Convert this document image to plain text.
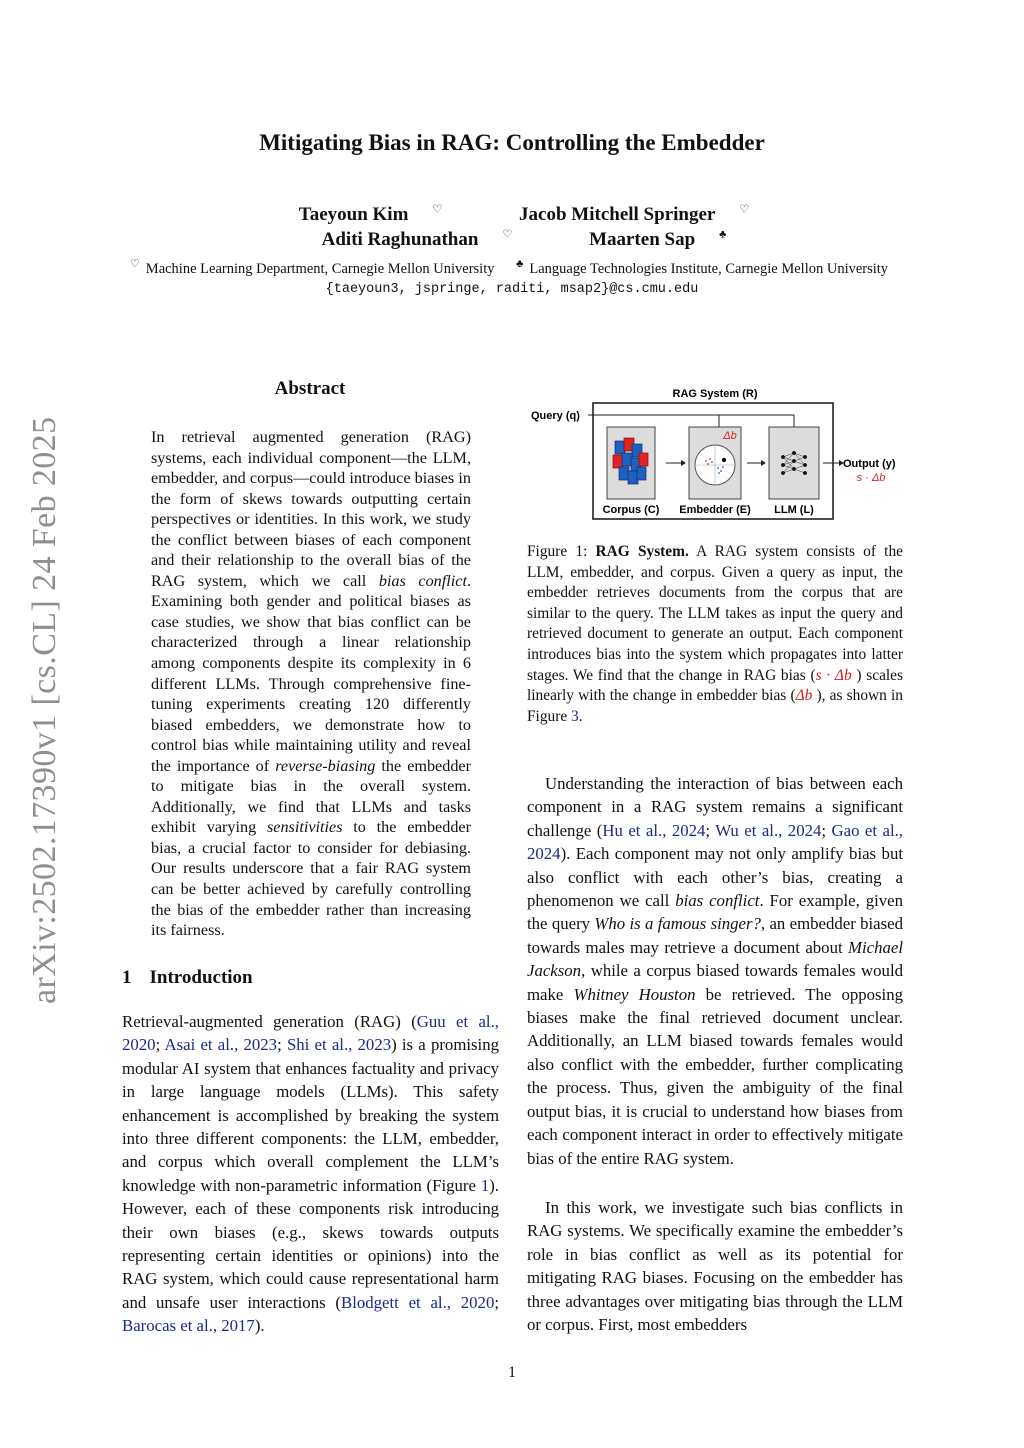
Mitigating Bias in RAG: Controlling the Embedder
Taeyoun Kim ♡	Jacob Mitchell Springer ♡
Aditi Raghunathan ♡	Maarten Sap ♣
♡ Machine Learning Department, Carnegie Mellon University ♣ Language Technologies Institute, Carnegie Mellon University
{taeyoun3, jspringe, raditi, msap2}@cs.cmu.edu
arXiv:2502.17390v1 [cs.CL] 24 Feb 2025
Abstract

In retrieval augmented generation (RAG) systems, each individual component—the LLM, embedder, and corpus—could introduce biases in the form of skews towards outputting certain perspectives or identities. In this work, we study the conflict between biases of each component and their relationship to the overall bias of the RAG system, which we call bias conflict. Examining both gender and political biases as case studies, we show that bias conflict can be characterized through a linear relationship among components despite its complexity in 6 different LLMs. Through comprehensive fine-tuning experiments creating 120 differently biased embedders, we demonstrate how to control bias while maintaining utility and reveal the importance of reverse-biasing the embedder to mitigate bias in the overall system. Additionally, we find that LLMs and tasks exhibit varying sensitivities to the embedder bias, a crucial factor to consider for debiasing. Our results underscore that a fair RAG system can be better achieved by carefully controlling the bias of the embedder rather than increasing its fairness.

1 Introduction

Retrieval-augmented generation (RAG) (Guu et al., 2020; Asai et al., 2023; Shi et al., 2023) is a promising modular AI system that enhances factuality and privacy in large language models (LLMs). This safety enhancement is accomplished by breaking the system into three different components: the LLM, embedder, and corpus which overall complement the LLM’s knowledge with non-parametric information (Figure 1). However, each of these components risk introducing their own biases (e.g., skews towards outputs representing certain identities or opinions) into the RAG system, which could cause representational harm and unsafe user interactions (Blodgett et al., 2020; Barocas et al., 2017).

RAG System (R)
Query (q)
Corpus (C)
Δb
Embedder (E) LLM (L)
Output (y)
s · Δb

Figure 1: RAG System. A RAG system consists of the LLM, embedder, and corpus. Given a query as input, the embedder retrieves documents from the corpus that are similar to the query. The LLM takes as input the query and retrieved document to generate an output. Each component introduces bias into the system which propagates into latter stages. We find that the change in RAG bias (s · Δb ) scales linearly with the change in embedder bias (Δb ), as shown in Figure 3.

Understanding the interaction of bias between each component in a RAG system remains a significant challenge (Hu et al., 2024; Wu et al., 2024; Gao et al., 2024). Each component may not only amplify bias but also conflict with each other’s bias, creating a phenomenon we call bias conflict. For example, given the query Who is a famous singer?, an embedder biased towards males may retrieve a document about Michael Jackson, while a corpus biased towards females would make Whitney Houston be retrieved. The opposing biases make the final retrieved document unclear. Additionally, an LLM biased towards females would also conflict with the embedder, further complicating the process. Thus, given the ambiguity of the final output bias, it is crucial to understand how biases from each component interact in order to effectively mitigate bias of the entire RAG system.

In this work, we investigate such bias conflicts in RAG systems. We specifically examine the embedder’s role in bias conflict as well as its potential for mitigating RAG biases. Focusing on the embedder has three advantages over mitigating bias through the LLM or corpus. First, most embedders

1
